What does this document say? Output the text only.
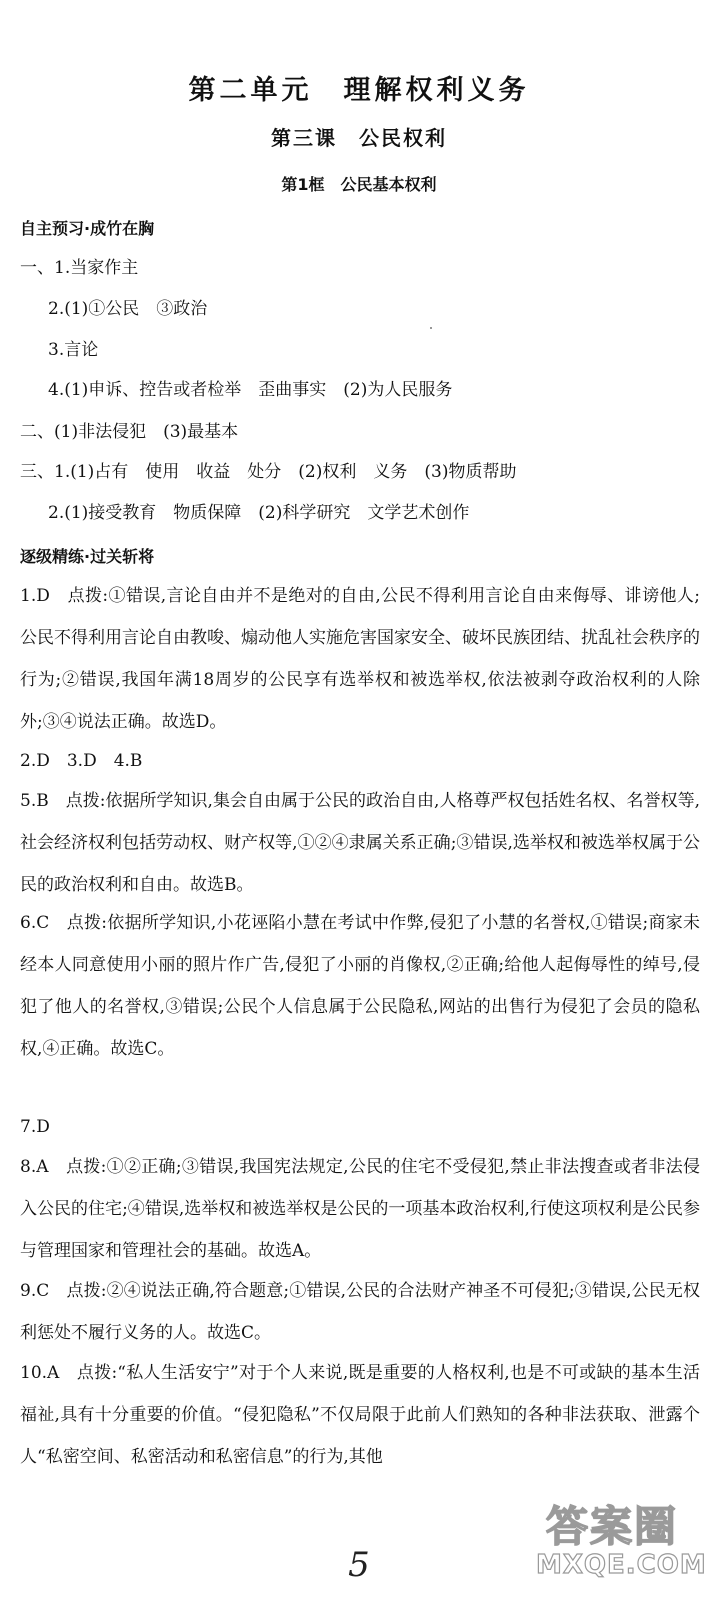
第二单元　理解权利义务
第三课　公民权利
第1框　公民基本权利
自主预习·成竹在胸
一、1.当家作主
2.(1)①公民　③政治
3.言论
4.(1)申诉、控告或者检举　歪曲事实　(2)为人民服务
二、(1)非法侵犯　(3)最基本
三、1.(1)占有　使用　收益　处分　(2)权利　义务　(3)物质帮助
2.(1)接受教育　物质保障　(2)科学研究　文学艺术创作
逐级精练·过关斩将
1.D　点拨:①错误,言论自由并不是绝对的自由,公民不得利用言论自由来侮辱、诽谤他人;公民不得利用言论自由教唆、煽动他人实施危害国家安全、破坏民族团结、扰乱社会秩序的行为;②错误,我国年满18周岁的公民享有选举权和被选举权,依法被剥夺政治权利的人除外;③④说法正确。故选D。
2.D　3.D　4.B
5.B　点拨:依据所学知识,集会自由属于公民的政治自由,人格尊严权包括姓名权、名誉权等,社会经济权利包括劳动权、财产权等,①②④隶属关系正确;③错误,选举权和被选举权属于公民的政治权利和自由。故选B。
6.C　点拨:依据所学知识,小花诬陷小慧在考试中作弊,侵犯了小慧的名誉权,①错误;商家未经本人同意使用小丽的照片作广告,侵犯了小丽的肖像权,②正确;给他人起侮辱性的绰号,侵犯了他人的名誉权,③错误;公民个人信息属于公民隐私,网站的出售行为侵犯了会员的隐私权,④正确。故选C。
7.D
8.A　点拨:①②正确;③错误,我国宪法规定,公民的住宅不受侵犯,禁止非法搜查或者非法侵入公民的住宅;④错误,选举权和被选举权是公民的一项基本政治权利,行使这项权利是公民参与管理国家和管理社会的基础。故选A。
9.C　点拨:②④说法正确,符合题意;①错误,公民的合法财产神圣不可侵犯;③错误,公民无权利惩处不履行义务的人。故选C。
10.A　点拨:“私人生活安宁”对于个人来说,既是重要的人格权利,也是不可或缺的基本生活福祉,具有十分重要的价值。“侵犯隐私”不仅局限于此前人们熟知的各种非法获取、泄露个人“私密空间、私密活动和私密信息”的行为,其他
5
答案圈
MXQE.COM
